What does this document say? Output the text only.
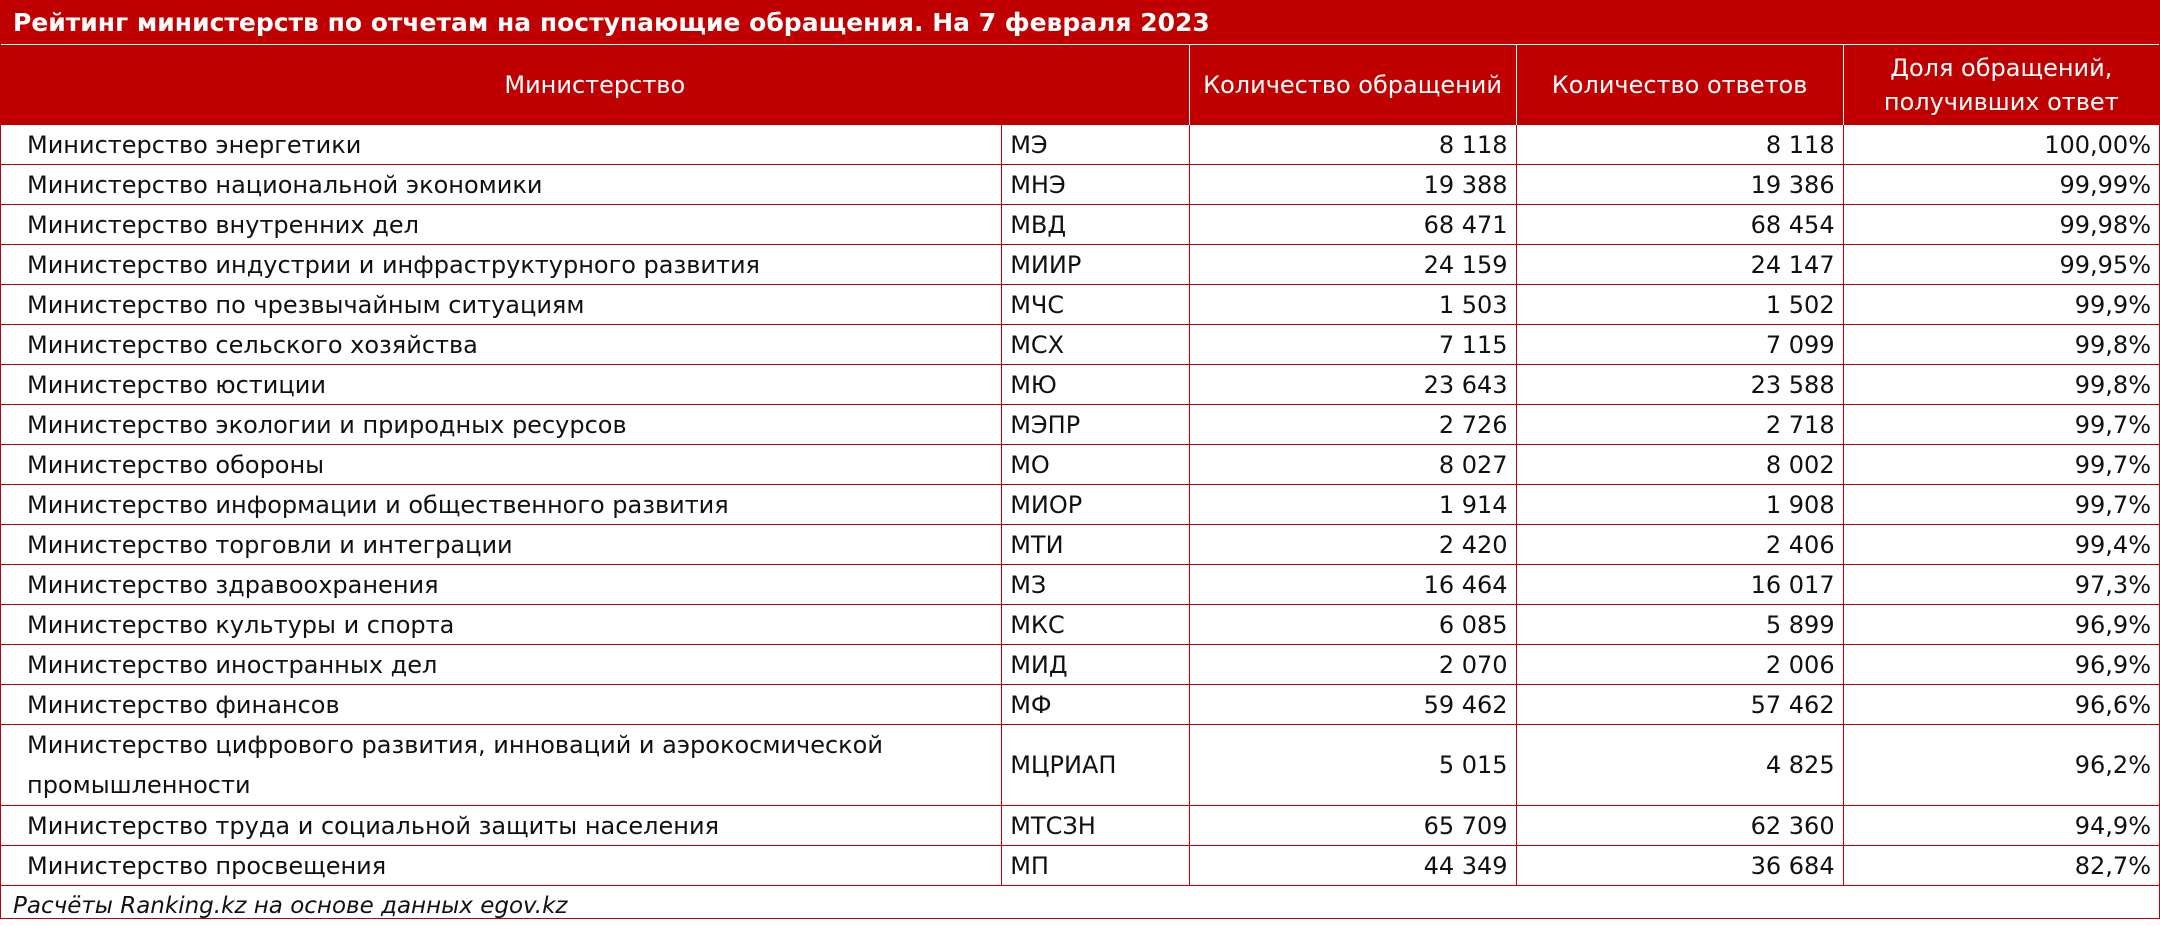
Рейтинг министерств по отчетам на поступающие обращения. На 7 февраля 2023
Министерство		Количество обращений	Количество ответов	Доля обращений, получивших ответ
Министерство энергетики	МЭ	8 118	8 118	100,00%
Министерство национальной экономики	МНЭ	19 388	19 386	99,99%
Министерство внутренних дел	МВД	68 471	68 454	99,98%
Министерство индустрии и инфраструктурного развития	МИИР	24 159	24 147	99,95%
Министерство по чрезвычайным ситуациям	МЧС	1 503	1 502	99,9%
Министерство сельского хозяйства	МСХ	7 115	7 099	99,8%
Министерство юстиции	МЮ	23 643	23 588	99,8%
Министерство экологии и природных ресурсов	МЭПР	2 726	2 718	99,7%
Министерство обороны	МО	8 027	8 002	99,7%
Министерство информации и общественного развития	МИОР	1 914	1 908	99,7%
Министерство торговли и интеграции	МТИ	2 420	2 406	99,4%
Министерство здравоохранения	МЗ	16 464	16 017	97,3%
Министерство культуры и спорта	МКС	6 085	5 899	96,9%
Министерство иностранных дел	МИД	2 070	2 006	96,9%
Министерство финансов	МФ	59 462	57 462	96,6%
Министерство цифрового развития, инноваций и аэрокосмической промышленности	МЦРИАП	5 015	4 825	96,2%
Министерство труда и социальной защиты населения	МТСЗН	65 709	62 360	94,9%
Министерство просвещения	МП	44 349	36 684	82,7%
Расчёты Ranking.kz на основе данных egov.kz
